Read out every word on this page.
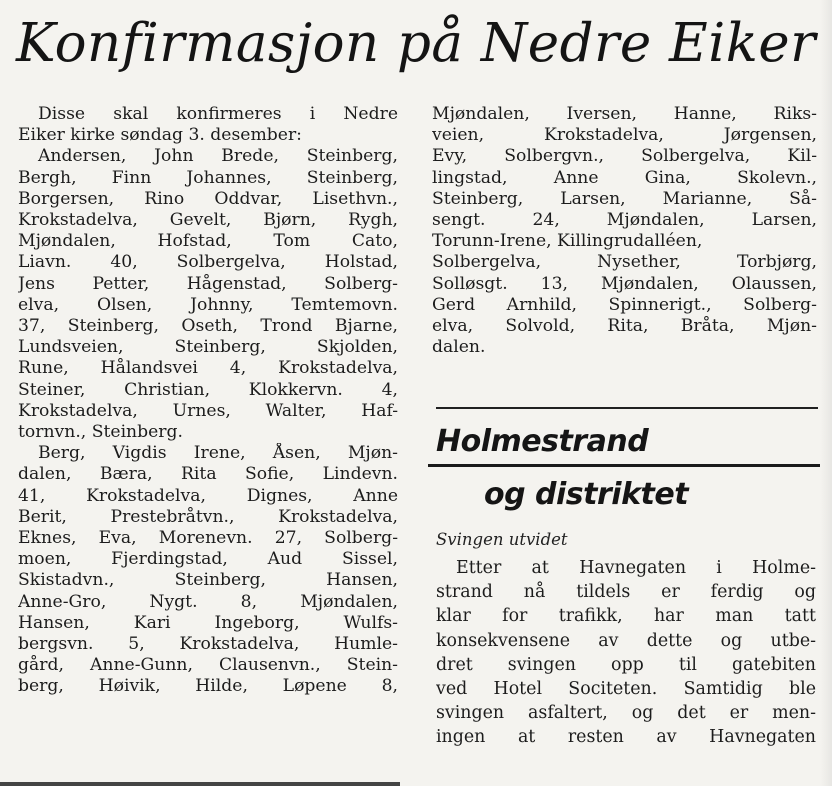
Konfirmasjon på Nedre Eiker
Disse skal konfirmeres i Nedre
Eiker kirke søndag 3. desember:
Andersen, John Brede, Steinberg,
Bergh, Finn Johannes, Steinberg,
Borgersen, Rino Oddvar, Lisethvn.,
Krokstadelva, Gevelt, Bjørn, Rygh,
Mjøndalen, Hofstad, Tom Cato,
Liavn. 40, Solbergelva, Holstad,
Jens Petter, Hågenstad, Solberg-
elva, Olsen, Johnny, Temtemovn.
37, Steinberg, Oseth, Trond Bjarne,
Lundsveien, Steinberg, Skjolden,
Rune, Hålandsvei 4, Krokstadelva,
Steiner, Christian, Klokkervn. 4,
Krokstadelva, Urnes, Walter, Haf-
tornvn., Steinberg.
Berg, Vigdis Irene, Åsen, Mjøn-
dalen, Bæra, Rita Sofie, Lindevn.
41, Krokstadelva, Dignes, Anne
Berit, Prestebråtvn., Krokstadelva,
Eknes, Eva, Morenevn. 27, Solberg-
moen, Fjerdingstad, Aud Sissel,
Skistadvn., Steinberg, Hansen,
Anne-Gro, Nygt. 8, Mjøndalen,
Hansen, Kari Ingeborg, Wulfs-
bergsvn. 5, Krokstadelva, Humle-
gård, Anne-Gunn, Clausenvn., Stein-
berg, Høivik, Hilde, Løpene 8,
Mjøndalen, Iversen, Hanne, Riks-
veien, Krokstadelva, Jørgensen,
Evy, Solbergvn., Solbergelva, Kil-
lingstad, Anne Gina, Skolevn.,
Steinberg, Larsen, Marianne, Så-
sengt. 24, Mjøndalen, Larsen,
Torunn-Irene, Killingrudalléen,
Solbergelva, Nysether, Torbjørg,
Solløsgt. 13, Mjøndalen, Olaussen,
Gerd Arnhild, Spinnerigt., Solberg-
elva, Solvold, Rita, Bråta, Mjøn-
dalen.
Holmestrand
og distriktet
Svingen utvidet
Etter at Havnegaten i Holme-
strand nå tildels er ferdig og
klar for trafikk, har man tatt
konsekvensene av dette og utbe-
dret svingen opp til gatebiten
ved Hotel Sociteten. Samtidig ble
svingen asfaltert, og det er men-
ingen at resten av Havnegaten
